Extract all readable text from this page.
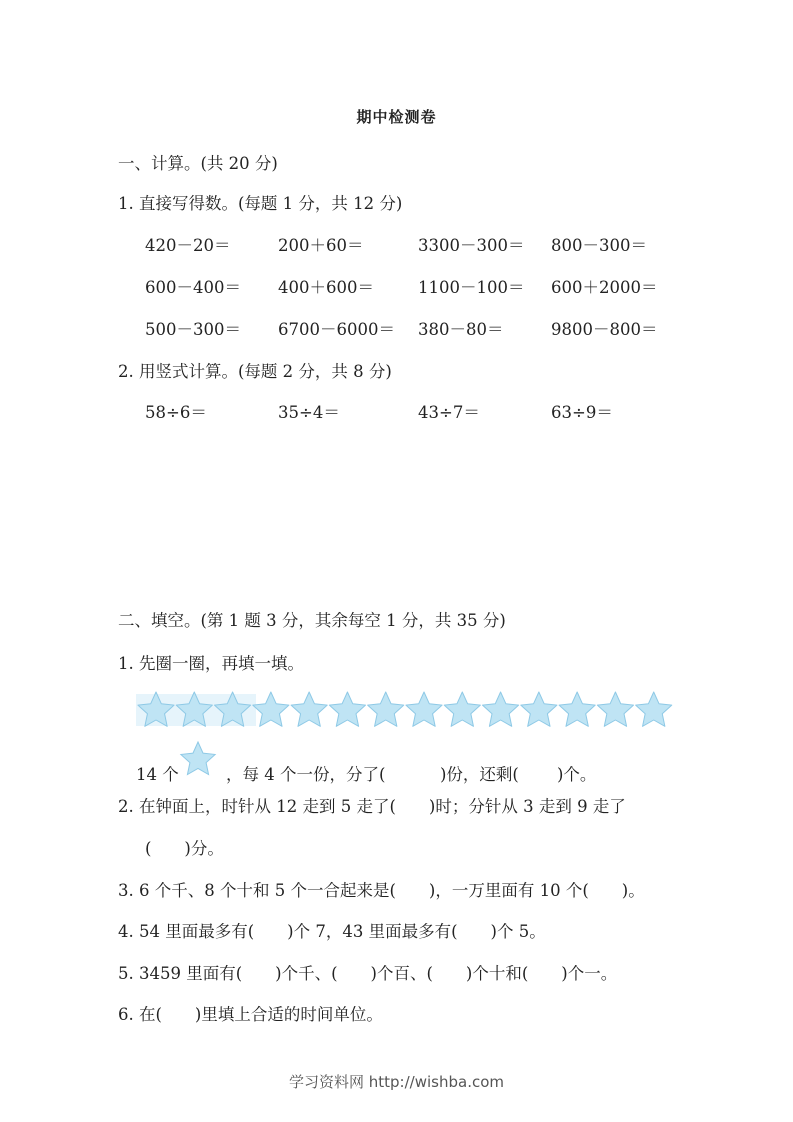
期中检测卷
一、计算。(共 20 分)
1. 直接写得数。(每题 1 分，共 12 分)
420－20＝	200＋60＝	3300－300＝ 800－300＝
600－400＝ 400＋600＝	1100－100＝ 600＋2000＝
500－300＝ 6700－6000＝ 380－80＝	9800－800＝
2. 用竖式计算。(每题 2 分，共 8 分)
58÷6＝	35÷4＝	43÷7＝	63÷9＝
二、填空。(第 1 题 3 分，其余每空 1 分，共 35 分)
1. 先圈一圈，再填一填。
14 个	，每 4 个一份，分了(	)份，还剩( )个。
2. 在钟面上，时针从 12 走到 5 走了(　　)时；分针从 3 走到 9 走了
(　　)分。
3. 6 个千、8 个十和 5 个一合起来是(　　)，一万里面有 10 个(　　)。
4. 54 里面最多有(　　)个 7，43 里面最多有(　　)个 5。
5. 3459 里面有(　　)个千、(　　)个百、(　　)个十和(　　)个一。
6. 在(　　)里填上合适的时间单位。
学习资料网 http://wishba.com
